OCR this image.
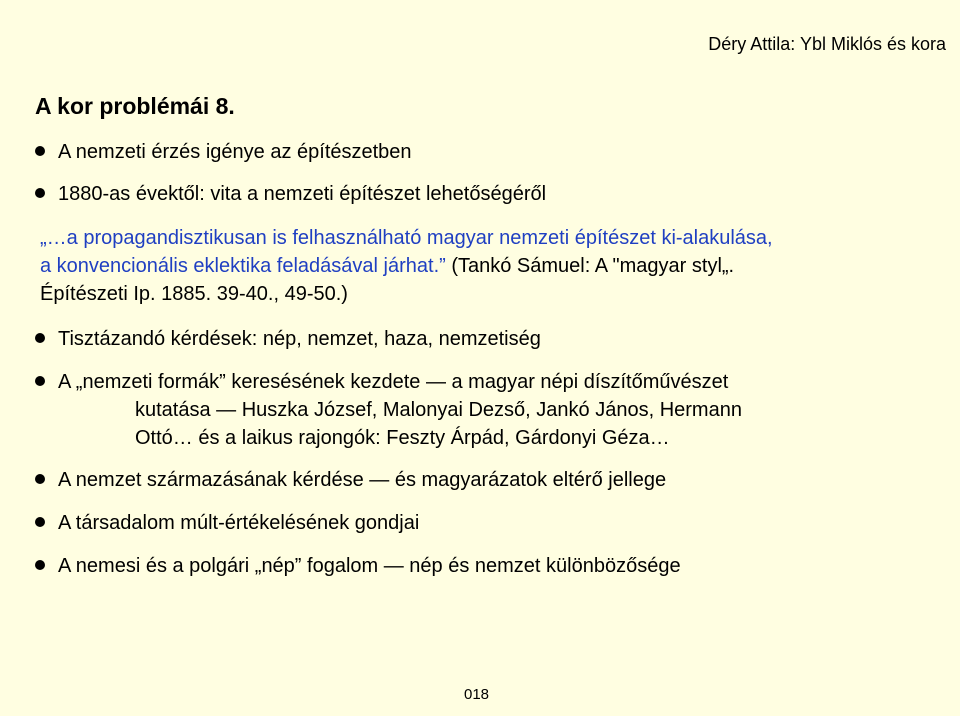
Déry Attila: Ybl Miklós és kora
A kor problémái 8.
A nemzeti érzés igénye az építészetben
1880-as évektől: vita a nemzeti építészet lehetőségéről
„…a propagandisztikusan is felhasználható magyar nemzeti építészet ki-alakulása,
a konvencionális eklektika feladásával járhat.” (Tankó Sámuel: A "magyar styl„.
Építészeti Ip. 1885. 39-40., 49-50.)
Tisztázandó kérdések: nép, nemzet, haza, nemzetiség
A „nemzeti formák” keresésének kezdete — a magyar népi díszítőművészet
kutatása — Huszka József, Malonyai Dezső, Jankó János, Hermann
Ottó… és a laikus rajongók: Feszty Árpád, Gárdonyi Géza…
A nemzet származásának kérdése — és magyarázatok eltérő jellege
A társadalom múlt-értékelésének gondjai
A nemesi és a polgári „nép” fogalom — nép és nemzet különbözősége
018
